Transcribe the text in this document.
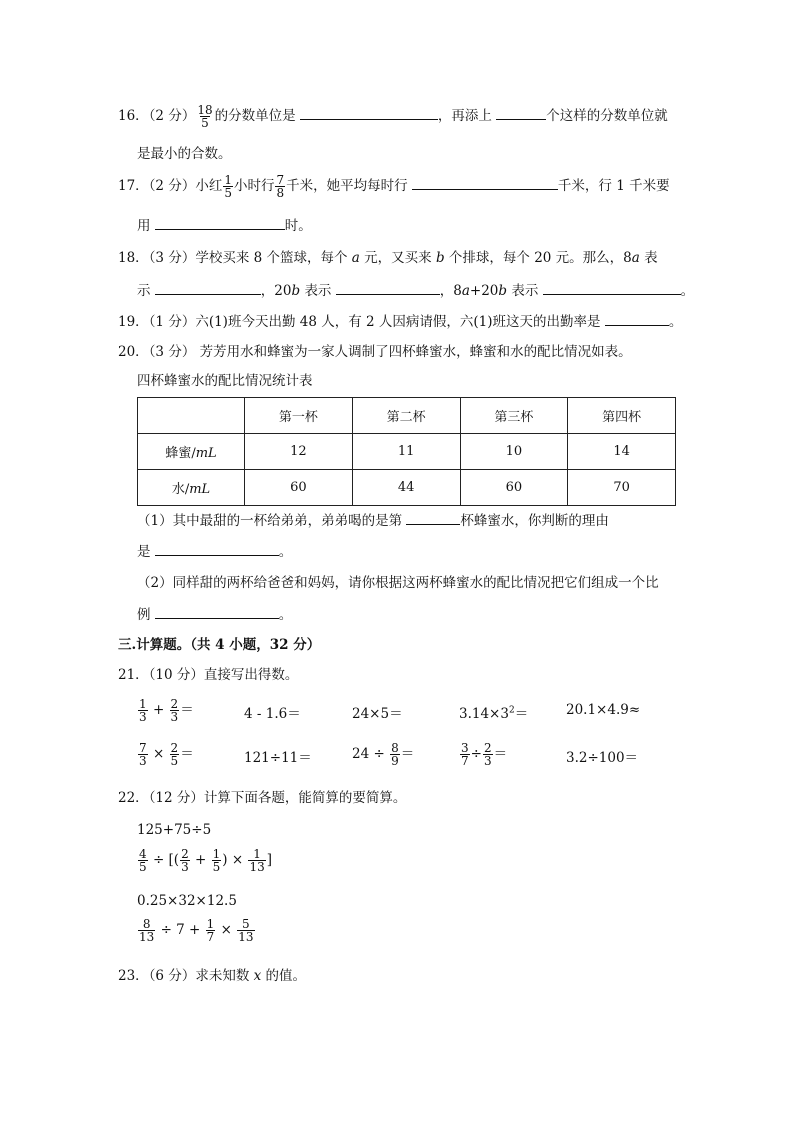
16．（2 分） $\frac{18}{5}$ 的分数单位是	，再添上	个这样的分数单位就
是最小的合数。
17．（2 分）小红 $\frac{1}{5}$ 小时行 $\frac{7}{8}$ 千米，她平均每时行	千米，行 1 千米要
用	时。
18．（3 分）学校买来 8 个篮球，每个 a 元，又买来 b 个排球，每个 20 元。那么，8a 表
示	，20b 表示	，8a+20b 表示	。
19．（1 分）六(1)班今天出勤 48 人，有 2 人因病请假，六(1)班这天的出勤率是	。
20．（3 分） 芳芳用水和蜂蜜为一家人调制了四杯蜂蜜水，蜂蜜和水的配比情况如表。
四杯蜂蜜水的配比情况统计表
	第一杯	第二杯	第三杯	第四杯
蜂蜜/mL	12	11	10	14
水/mL	60	44	60	70
（1）其中最甜的一杯给弟弟，弟弟喝的是第	杯蜂蜜水，你判断的理由
是	。
（2）同样甜的两杯给爸爸和妈妈，请你根据这两杯蜂蜜水的配比情况把它们组成一个比
例	。
三.计算题。（共 4 小题，32 分）
21．（10 分）直接写出得数。
$\frac{1}{3} + \frac{2}{3}$ ＝	4 - 1.6＝	24×5＝	$3.14\times 3^2=$	20.1×4.9≈
$\frac{7}{3} \times \frac{2}{5}$ ＝	121÷11＝	$24 \div \frac{8}{9}$ ＝	$\frac{3}{7} \div \frac{2}{3}$ ＝	3.2÷100＝
22．（12 分）计算下面各题，能简算的要简算。
125+75÷5
$\frac{4}{5}$ ÷ [( $\frac{2}{3} + \frac{1}{5}$ ) × $\frac{1}{13}$ ]
0.25×32×12.5
$\frac{8}{13} \div 7 + \frac{1}{7} \times \frac{5}{13}$
23．（6 分）求未知数 x 的值。
